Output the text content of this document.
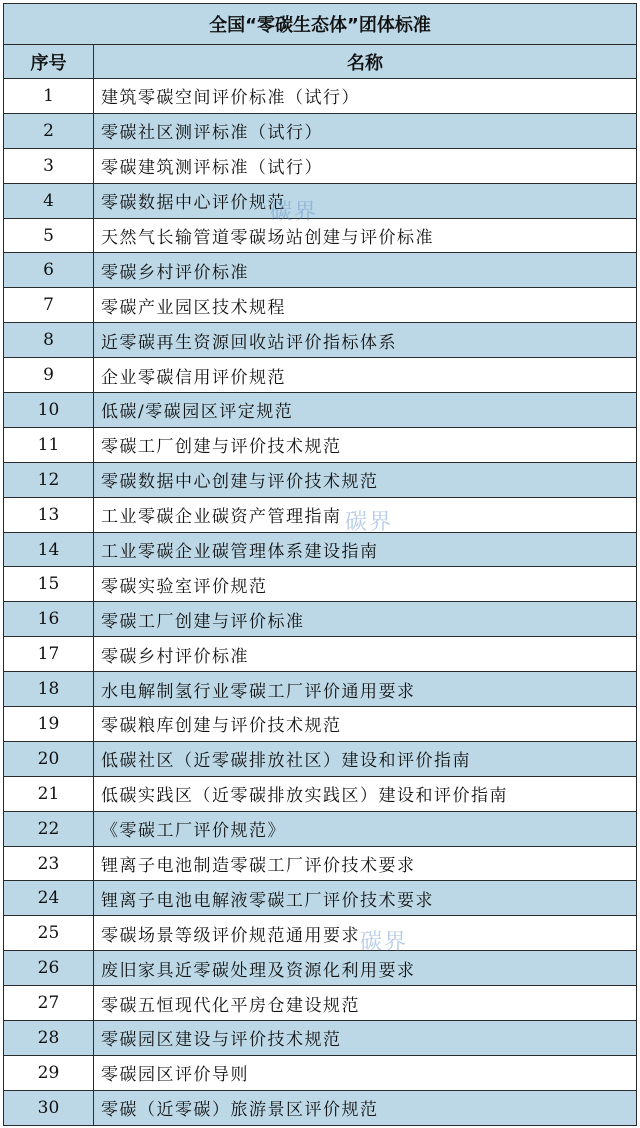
全国“零碳生态体”团体标准	
序号	名称
1	建筑零碳空间评价标准（试行）
2	零碳社区测评标准（试行）
3	零碳建筑测评标准（试行）
4	零碳数据中心评价规范
5	天然气长输管道零碳场站创建与评价标准
6	零碳乡村评价标准
7	零碳产业园区技术规程
8	近零碳再生资源回收站评价指标体系
9	企业零碳信用评价规范
10	低碳/零碳园区评定规范
11	零碳工厂创建与评价技术规范
12	零碳数据中心创建与评价技术规范
13	工业零碳企业碳资产管理指南
14	工业零碳企业碳管理体系建设指南
15	零碳实验室评价规范
16	零碳工厂创建与评价标准
17	零碳乡村评价标准
18	水电解制氢行业零碳工厂评价通用要求
19	零碳粮库创建与评价技术规范
20	低碳社区（近零碳排放社区）建设和评价指南
21	低碳实践区（近零碳排放实践区）建设和评价指南
22	《零碳工厂评价规范》
23	锂离子电池制造零碳工厂评价技术要求
24	锂离子电池电解液零碳工厂评价技术要求
25	零碳场景等级评价规范通用要求
26	废旧家具近零碳处理及资源化利用要求
27	零碳五恒现代化平房仓建设规范
28	零碳园区建设与评价技术规范
29	零碳园区评价导则
30	零碳（近零碳）旅游景区评价规范
碳界
碳界
碳界
